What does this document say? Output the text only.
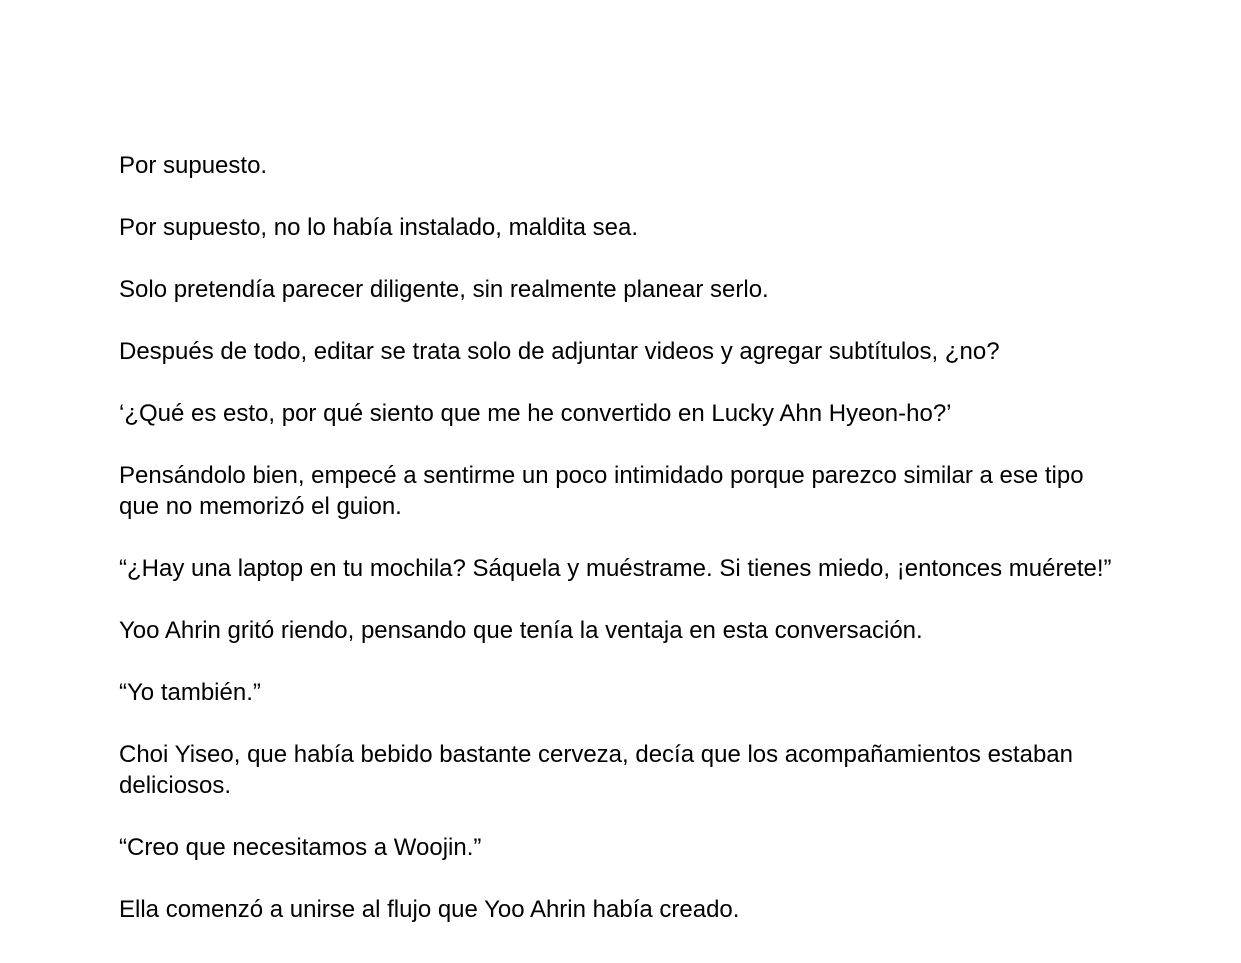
Por supuesto.

Por supuesto, no lo había instalado, maldita sea.

Solo pretendía parecer diligente, sin realmente planear serlo.

Después de todo, editar se trata solo de adjuntar videos y agregar subtítulos, ¿no?

‘¿Qué es esto, por qué siento que me he convertido en Lucky Ahn Hyeon-ho?’

Pensándolo bien, empecé a sentirme un poco intimidado porque parezco similar a ese tipo que no memorizó el guion.

“¿Hay una laptop en tu mochila? Sáquela y muéstrame. Si tienes miedo, ¡entonces muérete!”

Yoo Ahrin gritó riendo, pensando que tenía la ventaja en esta conversación.

“Yo también.”

Choi Yiseo, que había bebido bastante cerveza, decía que los acompañamientos estaban deliciosos.

“Creo que necesitamos a Woojin.”

Ella comenzó a unirse al flujo que Yoo Ahrin había creado.
